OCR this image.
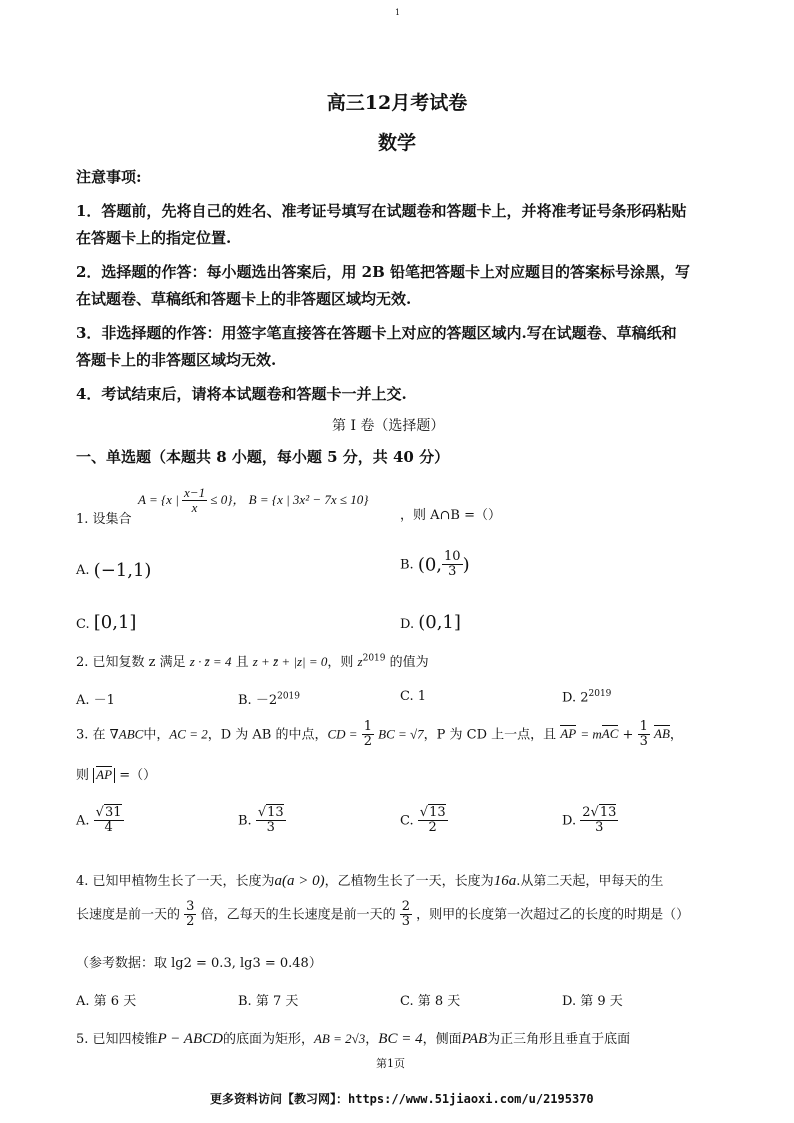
1
高三12月考试卷
数学
注意事项:
1．答题前，先将自己的姓名、准考证号填写在试题卷和答题卡上，并将准考证号条形码粘贴
在答题卡上的指定位置.
2．选择题的作答：每小题选出答案后，用 2B 铅笔把答题卡上对应题目的答案标号涂黑，写
在试题卷、草稿纸和答题卡上的非答题区域均无效.
3．非选择题的作答：用签字笔直接答在答题卡上对应的答题区域内.写在试题卷、草稿纸和
答题卡上的非答题区域均无效.
4．考试结束后，请将本试题卷和答题卡一并上交.
第 I 卷（选择题）
一、单选题（本题共 8 小题，每小题 5 分，共 40 分）
1. 设集合
A = {x | $\frac{x-1}{x} \le 0$}， B = {x | 3x² − 7x ≤ 10}
，则 A∩B =（）
A. (−1,1)	B. (0, $\frac{10}{3}$ )
C. [0,1]	D. (0,1]
2. 已知复数 z 满足 z · z̄ = 4 且 z + z̄ + |z| = 0，则 $z^{2019}$ 的值为
A. －1	B. $-2^{2019}$	C. 1	D. $2^{2019}$
3. 在 ∇ABC中，AC = 2，D 为 AB 的中点，CD = $\frac{1}{2}$ BC = √7，P 为 CD 上一点，且 AP = mAC + $\frac{1}{3}$ AB，
则 AP =（）
A. $\frac{√31}{4}$	B. $\frac{√13}{3}$	C. $\frac{√13}{2}$	D. $\frac{2√13}{3}$
4. 已知甲植物生长了一天，长度为a(a > 0)，乙植物生长了一天，长度为16a.从第二天起，甲每天的生
长速度是前一天的 $\frac{3}{2}$ 倍，乙每天的生长速度是前一天的 $\frac{2}{3}$ ，则甲的长度第一次超过乙的长度的时期是（）
（参考数据：取 lg2 = 0.3, lg3 = 0.48）
A. 第 6 天	B. 第 7 天	C. 第 8 天	D. 第 9 天
5. 已知四棱锥P − ABCD的底面为矩形，AB = 2√3，BC = 4，侧面PAB为正三角形且垂直于底面
第1页
更多资料访问【教习网】：https://www.51jiaoxi.com/u/2195370
